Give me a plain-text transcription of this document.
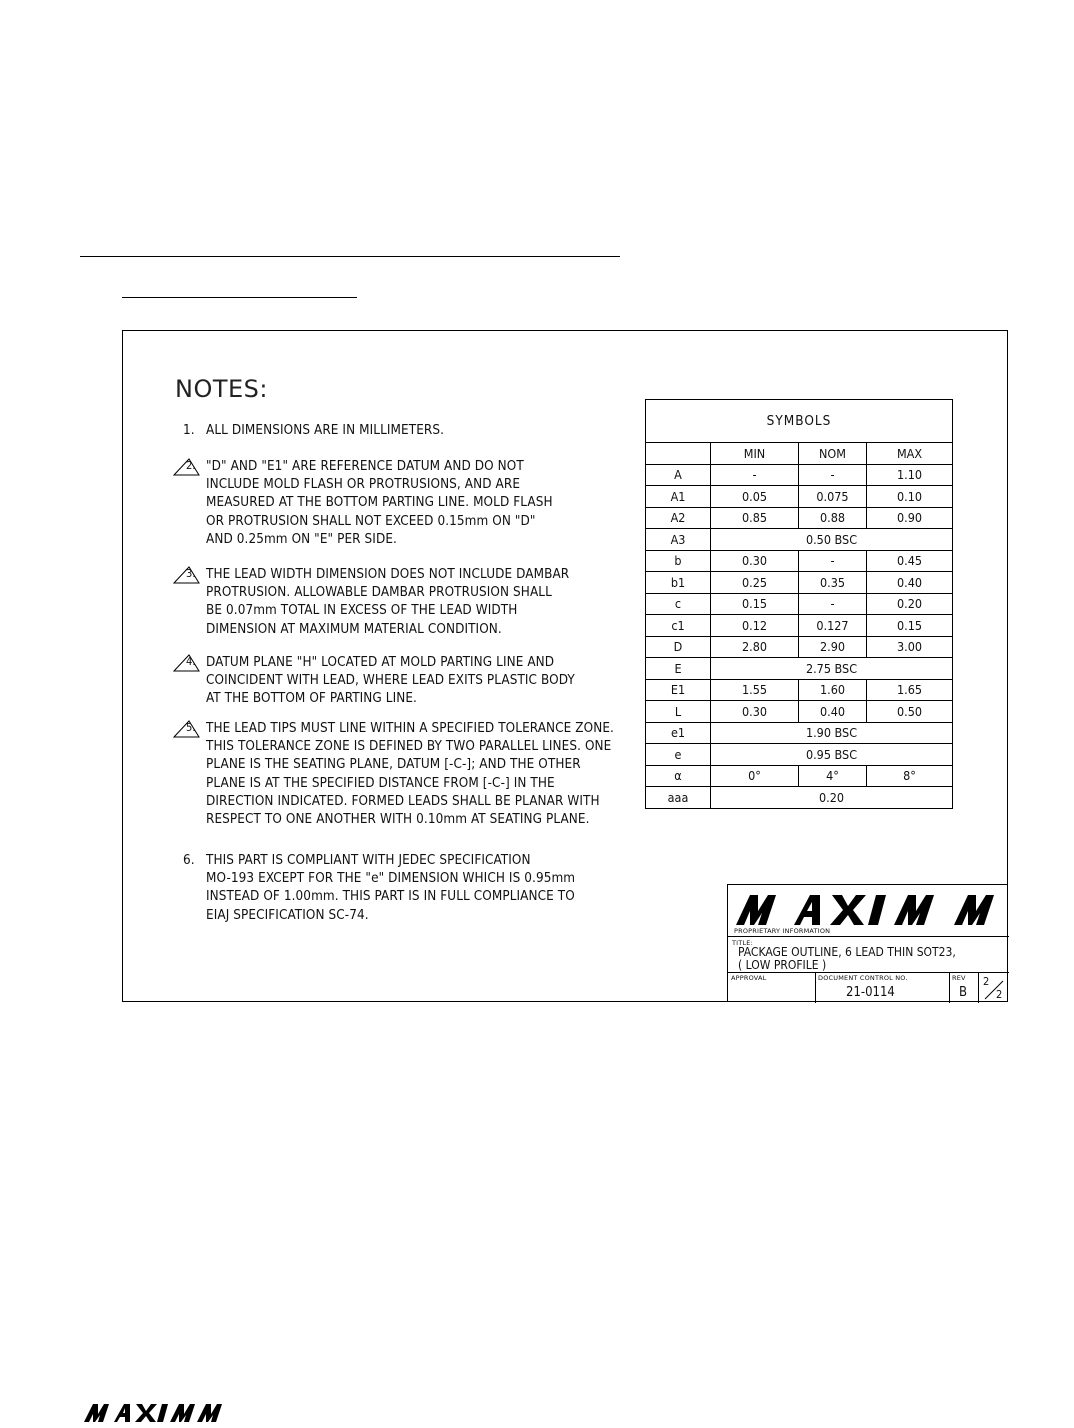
NOTES:
1. ALL DIMENSIONS ARE IN MILLIMETERS.
2. "D" AND "E1" ARE REFERENCE DATUM AND DO NOT
INCLUDE MOLD FLASH OR PROTRUSIONS, AND ARE
MEASURED AT THE BOTTOM PARTING LINE. MOLD FLASH
OR PROTRUSION SHALL NOT EXCEED 0.15mm ON "D"
AND 0.25mm ON "E" PER SIDE.
3. THE LEAD WIDTH DIMENSION DOES NOT INCLUDE DAMBAR
PROTRUSION. ALLOWABLE DAMBAR PROTRUSION SHALL
BE 0.07mm TOTAL IN EXCESS OF THE LEAD WIDTH
DIMENSION AT MAXIMUM MATERIAL CONDITION.
4. DATUM PLANE "H" LOCATED AT MOLD PARTING LINE AND
COINCIDENT WITH LEAD, WHERE LEAD EXITS PLASTIC BODY
AT THE BOTTOM OF PARTING LINE.
5. THE LEAD TIPS MUST LINE WITHIN A SPECIFIED TOLERANCE ZONE.
THIS TOLERANCE ZONE IS DEFINED BY TWO PARALLEL LINES. ONE
PLANE IS THE SEATING PLANE, DATUM [-C-]; AND THE OTHER
PLANE IS AT THE SPECIFIED DISTANCE FROM [-C-] IN THE
DIRECTION INDICATED. FORMED LEADS SHALL BE PLANAR WITH
RESPECT TO ONE ANOTHER WITH 0.10mm AT SEATING PLANE.
6. THIS PART IS COMPLIANT WITH JEDEC SPECIFICATION
MO-193 EXCEPT FOR THE "e" DIMENSION WHICH IS 0.95mm
INSTEAD OF 1.00mm. THIS PART IS IN FULL COMPLIANCE TO
EIAJ SPECIFICATION SC-74.
SYMBOLS			
	MIN	NOM	MAX
A	-	-	1.10
A1	0.05	0.075	0.10
A2	0.85	0.88	0.90
A3	0.50 BSC		
b	0.30	-	0.45
b1	0.25	0.35	0.40
c	0.15	-	0.20
c1	0.12	0.127	0.15
D	2.80	2.90	3.00
E	2.75 BSC		
E1	1.55	1.60	1.65
L	0.30	0.40	0.50
e1	1.90 BSC		
e	0.95 BSC		
α	0°	4°	8°
aaa	0.20		
PROPRIETARY INFORMATION
TITLE:
PACKAGE OUTLINE, 6 LEAD THIN SOT23,
( LOW PROFILE )
APPROVAL	DOCUMENT CONTROL NO.
21-0114
REV
B
2
2
